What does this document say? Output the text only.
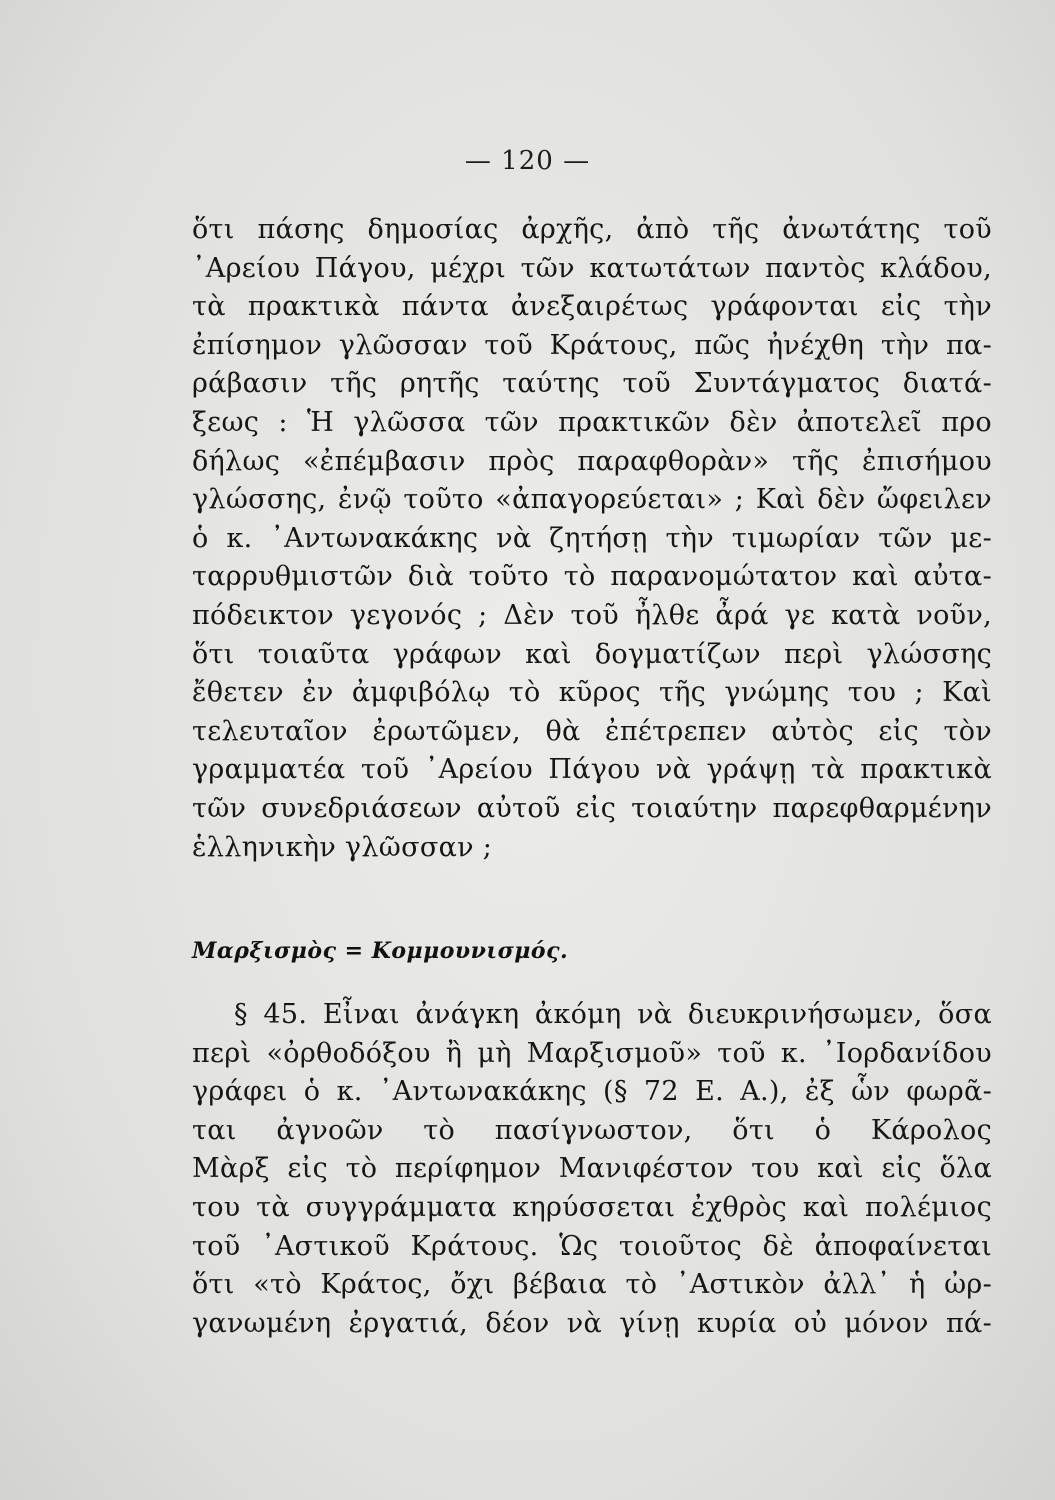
— 120 —
ὅτι πάσης δημοσίας ἀρχῆς, ἀπὸ τῆς ἀνωτάτης τοῦ
᾿Αρείου Πάγου, μέχρι τῶν κατωτάτων παντὸς κλάδου,
τὰ πρακτικὰ πάντα ἀνεξαιρέτως γράφονται εἰς τὴν
ἐπίσημον γλῶσσαν τοῦ Κράτους, πῶς ἠνέχθη τὴν πα-
ράβασιν τῆς ρητῆς ταύτης τοῦ Συντάγματος διατά-
ξεως : Ἡ γλῶσσα τῶν πρακτικῶν δὲν ἀποτελεῖ προ
δήλως «ἐπέμβασιν πρὸς παραφθορὰν» τῆς ἐπισήμου
γλώσσης, ἐνῷ τοῦτο «ἀπαγορεύεται» ; Καὶ δὲν ὤφειλεν
ὁ κ. ᾿Αντωνακάκης νὰ ζητήσῃ τὴν τιμωρίαν τῶν με-
ταρρυθμιστῶν διὰ τοῦτο τὸ παρανομώτατον καὶ αὐτα-
πόδεικτον γεγονός ; Δὲν τοῦ ἦλθε ἆρά γε κατὰ νοῦν,
ὅτι τοιαῦτα γράφων καὶ δογματίζων περὶ γλώσσης
ἔθετεν ἐν ἀμφιβόλῳ τὸ κῦρος τῆς γνώμης του ; Καὶ
τελευταῖον ἐρωτῶμεν, θὰ ἐπέτρεπεν αὐτὸς εἰς τὸν
γραμματέα τοῦ ᾿Αρείου Πάγου νὰ γράψῃ τὰ πρακτικὰ
τῶν συνεδριάσεων αὐτοῦ εἰς τοιαύτην παρεφθαρμένην
ἑλληνικὴν γλῶσσαν ;
Μαρξισμὸς = Κομμουνισμός.
§ 45. Εἶναι ἀνάγκη ἀκόμη νὰ διευκρινήσωμεν, ὅσα
περὶ «ὀρθοδόξου ἢ μὴ Μαρξισμοῦ» τοῦ κ. ᾿Ιορδανίδου
γράφει ὁ κ. ᾿Αντωνακάκης (§ 72 Ε. Α.), ἐξ ὧν φωρᾶ-
ται ἀγνοῶν τὸ πασίγνωστον, ὅτι ὁ Κάρολος
Μὰρξ εἰς τὸ περίφημον Μανιφέστον του καὶ εἰς ὅλα
του τὰ συγγράμματα κηρύσσεται ἐχθρὸς καὶ πολέμιος
τοῦ ᾿Αστικοῦ Κράτους. Ὡς τοιοῦτος δὲ ἀποφαίνεται
ὅτι «τὸ Κράτος, ὄχι βέβαια τὸ ᾿Αστικὸν ἀλλ᾿ ἡ ὠρ-
γανωμένη ἐργατιά, δέον νὰ γίνῃ κυρία οὐ μόνον πά-
